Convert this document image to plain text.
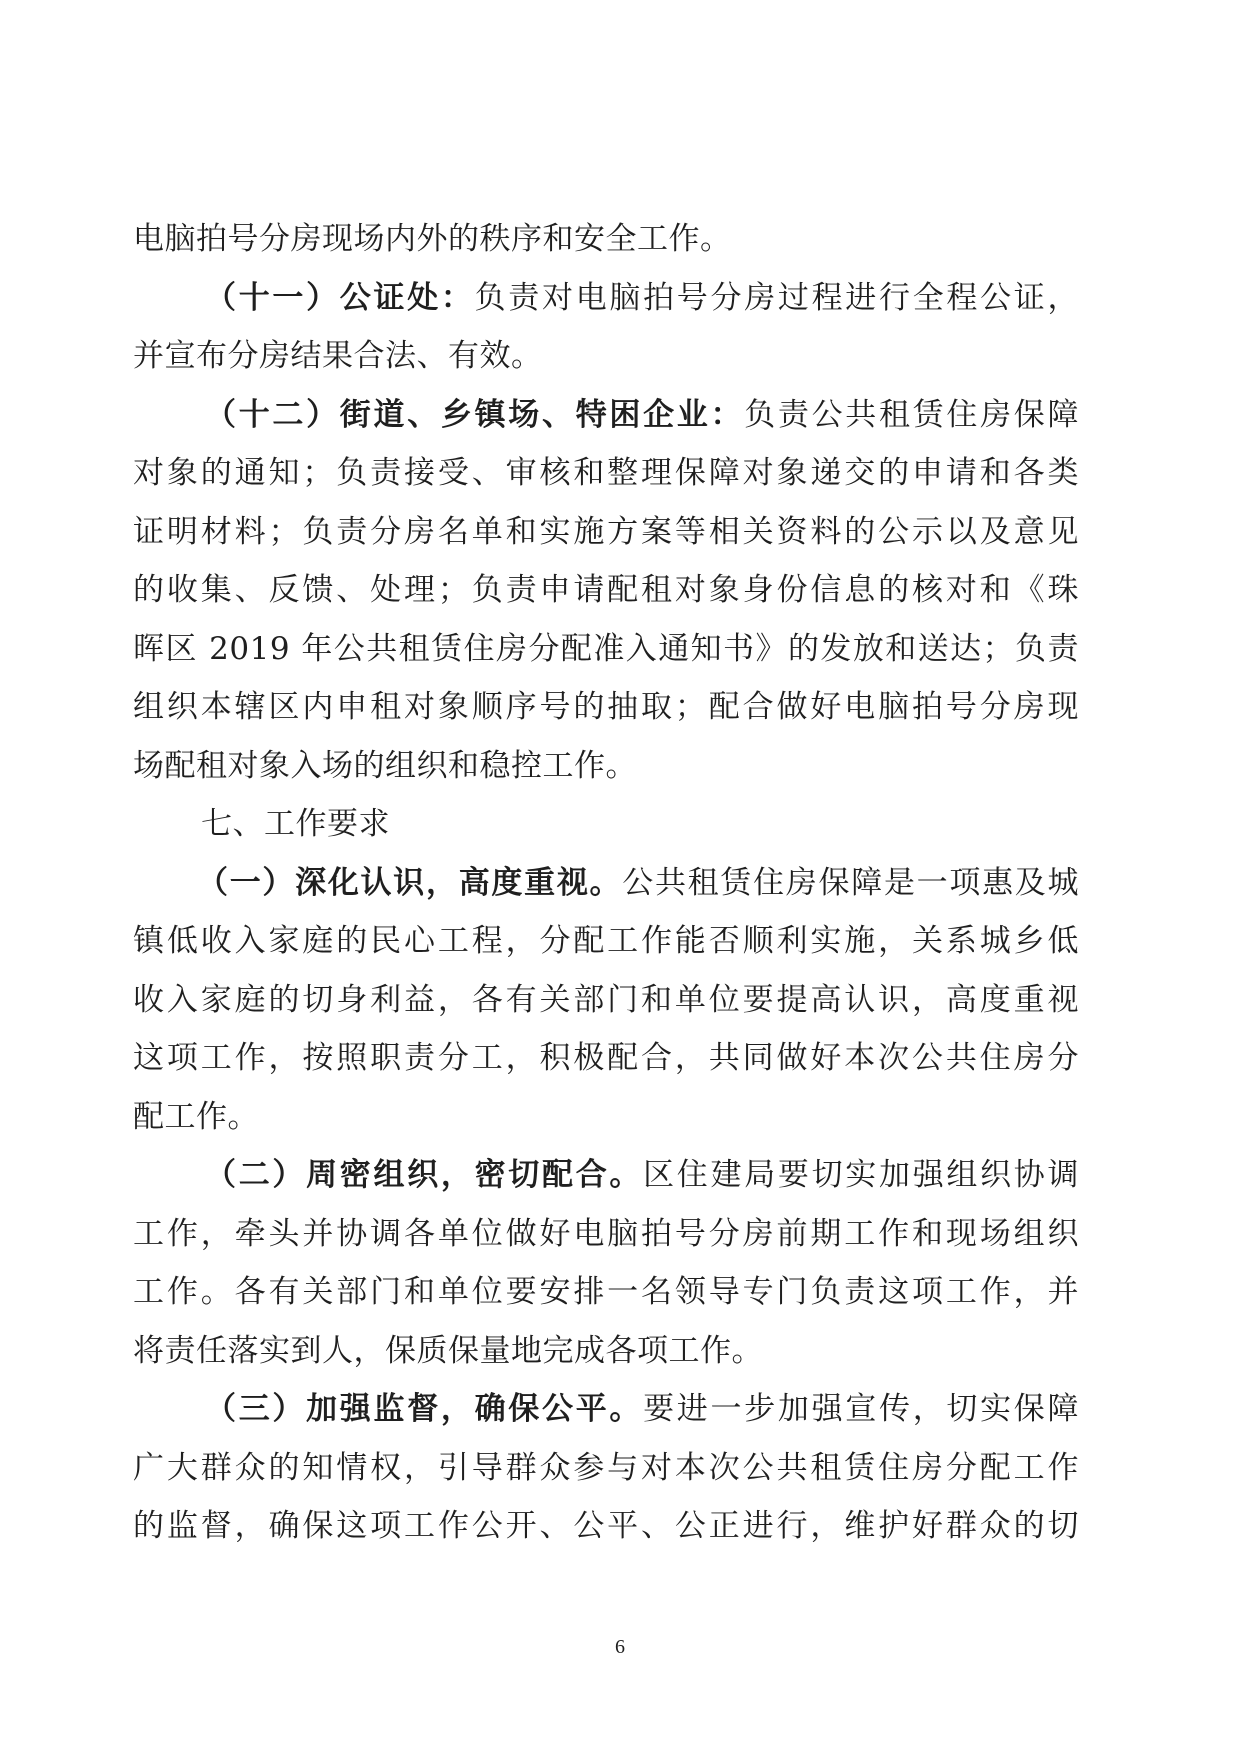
电脑拍号分房现场内外的秩序和安全工作。
（十一）公证处：负责对电脑拍号分房过程进行全程公证，
并宣布分房结果合法、有效。
（十二）街道、乡镇场、特困企业：负责公共租赁住房保障
对象的通知；负责接受、审核和整理保障对象递交的申请和各类
证明材料；负责分房名单和实施方案等相关资料的公示以及意见
的收集、反馈、处理；负责申请配租对象身份信息的核对和《珠
晖区 2019 年公共租赁住房分配准入通知书》的发放和送达；负责
组织本辖区内申租对象顺序号的抽取；配合做好电脑拍号分房现
场配租对象入场的组织和稳控工作。
七、工作要求
（一）深化认识，高度重视。公共租赁住房保障是一项惠及城
镇低收入家庭的民心工程，分配工作能否顺利实施，关系城乡低
收入家庭的切身利益，各有关部门和单位要提高认识，高度重视
这项工作，按照职责分工，积极配合，共同做好本次公共住房分
配工作。
（二）周密组织，密切配合。区住建局要切实加强组织协调
工作，牵头并协调各单位做好电脑拍号分房前期工作和现场组织
工作。各有关部门和单位要安排一名领导专门负责这项工作，并
将责任落实到人，保质保量地完成各项工作。
（三）加强监督，确保公平。要进一步加强宣传，切实保障
广大群众的知情权，引导群众参与对本次公共租赁住房分配工作
的监督，确保这项工作公开、公平、公正进行，维护好群众的切
6
